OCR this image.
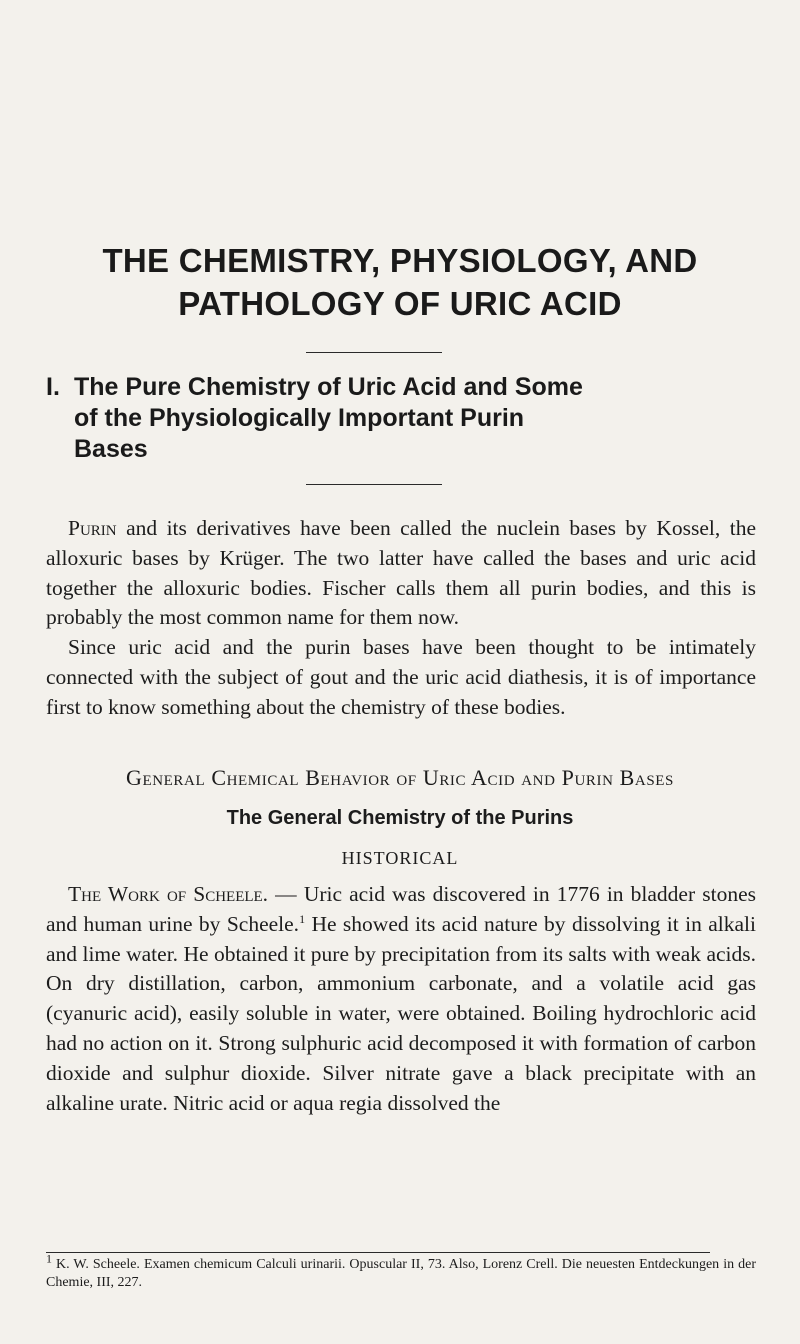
THE CHEMISTRY, PHYSIOLOGY, AND
PATHOLOGY OF URIC ACID
I. The Pure Chemistry of Uric Acid and Some
of the Physiologically Important Purin
Bases

Purin and its derivatives have been called the nuclein bases by Kossel, the alloxuric bases by Krüger. The two latter have called the bases and uric acid together the alloxuric bodies. Fischer calls them all purin bodies, and this is probably the most common name for them now.

Since uric acid and the purin bases have been thought to be intimately connected with the subject of gout and the uric acid diathesis, it is of importance first to know something about the chemistry of these bodies.

General Chemical Behavior of Uric Acid and Purin Bases

The General Chemistry of the Purins

HISTORICAL

The Work of Scheele. — Uric acid was discovered in 1776 in bladder stones and human urine by Scheele.$^1$ He showed its acid nature by dissolving it in alkali and lime water. He obtained it pure by precipitation from its salts with weak acids. On dry distillation, carbon, ammonium carbonate, and a volatile acid gas (cyanuric acid), easily soluble in water, were obtained. Boiling hydrochloric acid had no action on it. Strong sulphuric acid decomposed it with formation of carbon dioxide and sulphur dioxide. Silver nitrate gave a black precipitate with an alkaline urate. Nitric acid or aqua regia dissolved the

$^1$ K. W. Scheele. Examen chemicum Calculi urinarii. Opuscular II, 73. Also, Lorenz Crell. Die neuesten Entdeckungen in der Chemie, III, 227.
